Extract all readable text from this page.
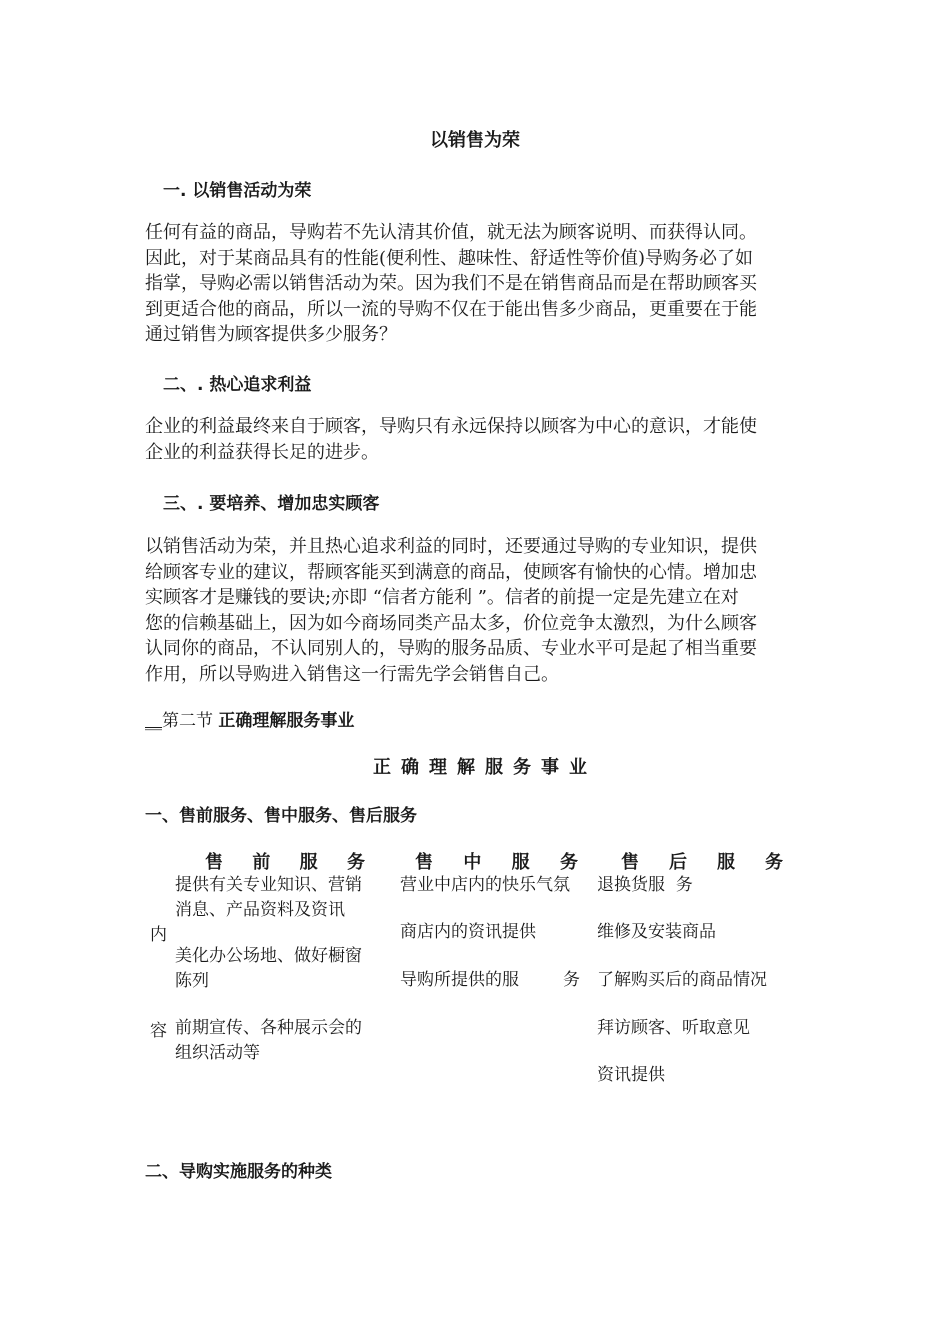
以销售为荣
一. 以销售活动为荣
任何有益的商品，导购若不先认清其价值，就无法为顾客说明、而获得认同。
因此，对于某商品具有的性能(便利性、趣味性、舒适性等价值)导购务必了如
指掌，导购必需以销售活动为荣。因为我们不是在销售商品而是在帮助顾客买
到更适合他的商品，所以一流的导购不仅在于能出售多少商品，更重要在于能
通过销售为顾客提供多少服务？
二、. 热心追求利益
企业的利益最终来自于顾客，导购只有永远保持以顾客为中心的意识，才能使
企业的利益获得长足的进步。
三、. 要培养、增加忠实顾客
以销售活动为荣，并且热心追求利益的同时，还要通过导购的专业知识，提供
给顾客专业的建议，帮顾客能买到满意的商品，使顾客有愉快的心情。增加忠
实顾客才是赚钱的要诀;亦即 “信者方能利 ”。信者的前提一定是先建立在对
您的信赖基础上，因为如今商场同类产品太多，价位竞争太激烈，为什么顾客
认同你的商品，不认同别人的，导购的服务品质、专业水平可是起了相当重要
作用，所以导购进入销售这一行需先学会销售自己。
__第二节 正确理解服务事业
正确理解服务事业
一、售前服务、售中服务、售后服务
售 前 服 务	售 中 服 务 售 后 服 务
内
容
提供有关专业知识、营销
消息、产品资料及资讯
美化办公场地、做好橱窗
陈列
前期宣传、各种展示会的
组织活动等
营业中店内的快乐气氛
商店内的资讯提供
导购所提供的服	务
退换货服  务
维修及安装商品
了解购买后的商品情况
拜访顾客、听取意见
资讯提供
二、导购实施服务的种类
